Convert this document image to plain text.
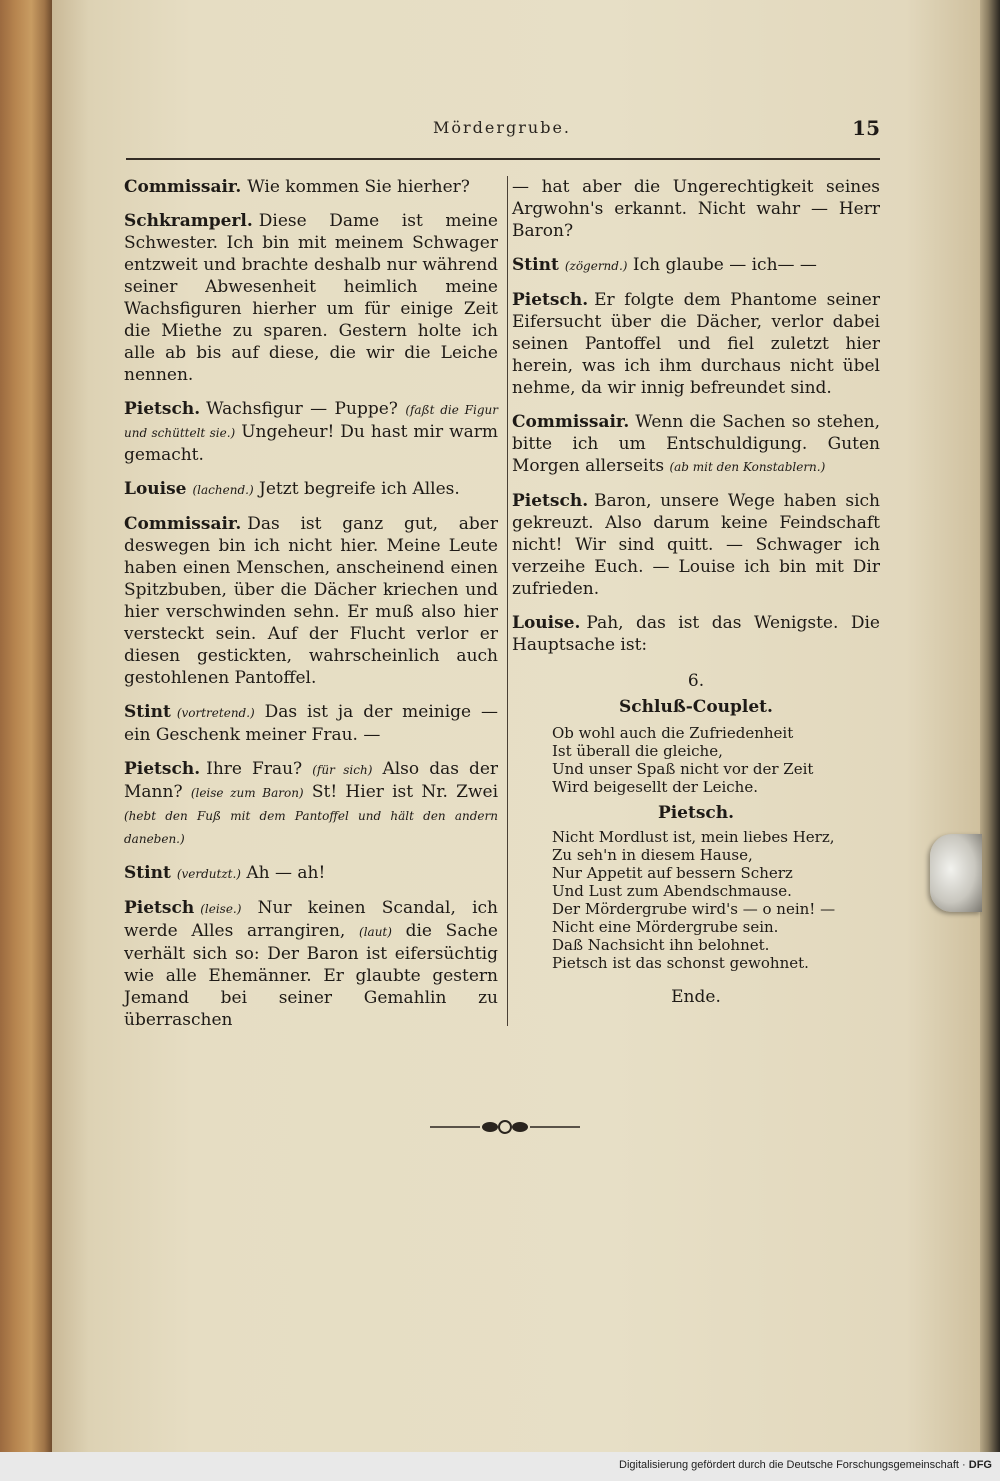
Mördergrube.	15

Commissair. Wie kommen Sie hierher?

Schkramperl. Diese Dame ist meine Schwester. Ich bin mit meinem Schwager entzweit und brachte deshalb nur während seiner Abwesenheit heimlich meine Wachsfiguren hierher um für einige Zeit die Miethe zu sparen. Gestern holte ich alle ab bis auf diese, die wir die Leiche nennen.

Pietsch. Wachsfigur — Puppe? (faßt die Figur und schüttelt sie.) Ungeheur! Du hast mir warm gemacht.

Louise (lachend.) Jetzt begreife ich Alles.

Commissair. Das ist ganz gut, aber deswegen bin ich nicht hier. Meine Leute haben einen Menschen, anscheinend einen Spitzbuben, über die Dächer kriechen und hier verschwinden sehn. Er muß also hier versteckt sein. Auf der Flucht verlor er diesen gestickten, wahrscheinlich auch gestohlenen Pantoffel.

Stint (vortretend.) Das ist ja der meinige — ein Geschenk meiner Frau. —

Pietsch. Ihre Frau? (für sich) Also das der Mann? (leise zum Baron) St! Hier ist Nr. Zwei (hebt den Fuß mit dem Pantoffel und hält den andern daneben.)

Stint (verdutzt.) Ah — ah!

Pietsch (leise.) Nur keinen Scandal, ich werde Alles arrangiren, (laut) die Sache verhält sich so: Der Baron ist eifersüchtig wie alle Ehemänner. Er glaubte gestern Jemand bei seiner Gemahlin zu überraschen

— hat aber die Ungerechtigkeit seines Argwohn's erkannt. Nicht wahr — Herr Baron?

Stint (zögernd.) Ich glaube — ich— —

Pietsch. Er folgte dem Phantome seiner Eifersucht über die Dächer, verlor dabei seinen Pantoffel und fiel zuletzt hier herein, was ich ihm durchaus nicht übel nehme, da wir innig befreundet sind.

Commissair. Wenn die Sachen so stehen, bitte ich um Entschuldigung. Guten Morgen allerseits (ab mit den Konstablern.)

Pietsch. Baron, unsere Wege haben sich gekreuzt. Also darum keine Feindschaft nicht! Wir sind quitt. — Schwager ich verzeihe Euch. — Louise ich bin mit Dir zufrieden.

Louise. Pah, das ist das Wenigste. Die Hauptsache ist:

6.
Schluß-Couplet.
Ob wohl auch die Zufriedenheit
Ist überall die gleiche,
Und unser Spaß nicht vor der Zeit
Wird beigesellt der Leiche.
Pietsch.
Nicht Mordlust ist, mein liebes Herz,
Zu seh'n in diesem Hause,
Nur Appetit auf bessern Scherz
Und Lust zum Abendschmause.
Der Mördergrube wird's — o nein! —
Nicht eine Mördergrube sein.
Daß Nachsicht ihn belohnet.
Pietsch ist das schonst gewohnet.
Ende.
Digitalisierung gefördert durch die Deutsche Forschungsgemeinschaft · DFG
